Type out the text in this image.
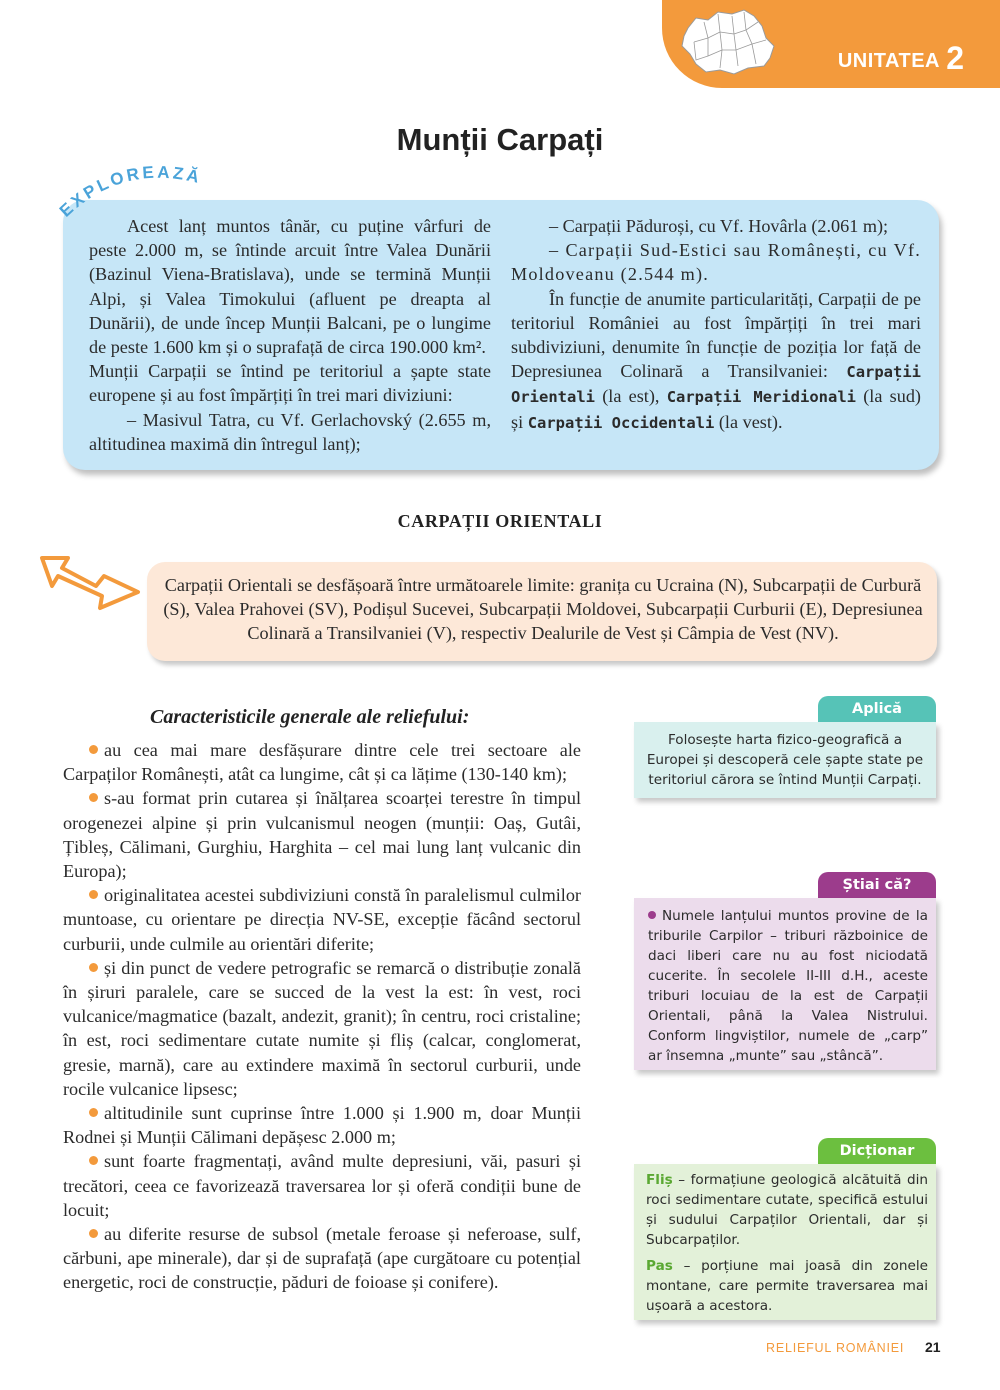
UNITATEA 2
Munții Carpați

Acest lanț muntos tânăr, cu puține vârfuri de peste 2.000 m, se întinde arcuit între Valea Dunării (Bazinul Viena-Bratislava), unde se termină Munții Alpi, și Valea Timokului (afluent pe dreapta al Dunării), de unde încep Munții Balcani, pe o lungime de peste 1.600 km și o suprafață de circa 190.000 km².

Munții Carpații se întind pe teritoriul a șapte state europene și au fost împărțiți în trei mari diviziuni:

– Masivul Tatra, cu Vf. Gerlachovský (2.655 m, altitudinea maximă din întregul lanț);

– Carpații Păduroși, cu Vf. Hovârla (2.061 m);

– Carpații Sud-Estici sau Românești, cu Vf. Moldoveanu (2.544 m).

În funcție de anumite particularități, Carpații de pe teritoriul României au fost împărțiți în trei mari subdiviziuni, denumite în funcție de poziția lor față de Depresiunea Colinară a Transilvaniei: Carpații Orientali (la est), Carpații Meridionali (la sud) și Carpații Occidentali (la vest).

EXPLOREAZĂ
CARPAȚII ORIENTALI

Carpații Orientali se desfășoară între următoarele limite: granița cu Ucraina (N), Subcarpații de Curbură (S), Valea Prahovei (SV), Podișul Sucevei, Subcarpații Moldovei, Subcarpații Curburii (E), Depresiunea Colinară a Transilvaniei (V), respectiv Dealurile de Vest și Câmpia de Vest (NV).

Caracteristicile generale ale reliefului:

au cea mai mare desfășurare dintre cele trei sectoare ale Carpaților Românești, atât ca lungime, cât și ca lățime (130-140 km);

s-au format prin cutarea și înălțarea scoarței terestre în timpul orogenezei alpine și prin vulcanismul neogen (munții: Oaș, Gutâi, Țibleș, Călimani, Gurghiu, Harghita – cel mai lung lanț vulcanic din Europa);

originalitatea acestei subdiviziuni constă în paralelismul culmilor muntoase, cu orientare pe direcția NV-SE, excepție făcând sectorul curburii, unde culmile au orientări diferite;

și din punct de vedere petrografic se remarcă o distribuție zonală în șiruri paralele, care se succed de la vest la est: în vest, roci vulcanice/magmatice (bazalt, andezit, granit); în centru, roci cristaline; în est, roci sedimentare cutate numite și fliș (calcar, conglomerat, gresie, marnă), care au extindere maximă în sectorul curburii, unde rocile vulcanice lipsesc;

altitudinile sunt cuprinse între 1.000 și 1.900 m, doar Munții Rodnei și Munții Călimani depășesc 2.000 m;

sunt foarte fragmentați, având multe depresiuni, văi, pasuri și trecători, ceea ce favorizează traversarea lor și oferă condiții bune de locuit;

au diferite resurse de subsol (metale feroase și neferoase, sulf, cărbuni, ape minerale), dar și de suprafață (ape curgătoare cu potențial energetic, roci de construcție, păduri de foioase și conifere).

Aplică

Folosește harta fizico-geografică a Europei și descoperă cele șapte state pe teritoriul cărora se întind Munții Carpați.

Știai că?

Numele lanțului muntos provine de la triburile Carpilor – triburi războinice de daci liberi care nu au fost niciodată cucerite. În secolele II-III d.H., aceste triburi locuiau de la est de Carpații Orientali, până la Valea Nistrului. Conform lingviștilor, numele de „carp” ar însemna „munte” sau „stâncă”.

Dicționar

Fliș – formațiune geologică alcătuită din roci sedimentare cutate, specifică estului și sudului Carpaților Orientali, dar și Subcarpaților.

Pas – porțiune mai joasă din zonele montane, care permite traversarea mai ușoară a acestora.

RELIEFUL ROMÂNIEI 21
